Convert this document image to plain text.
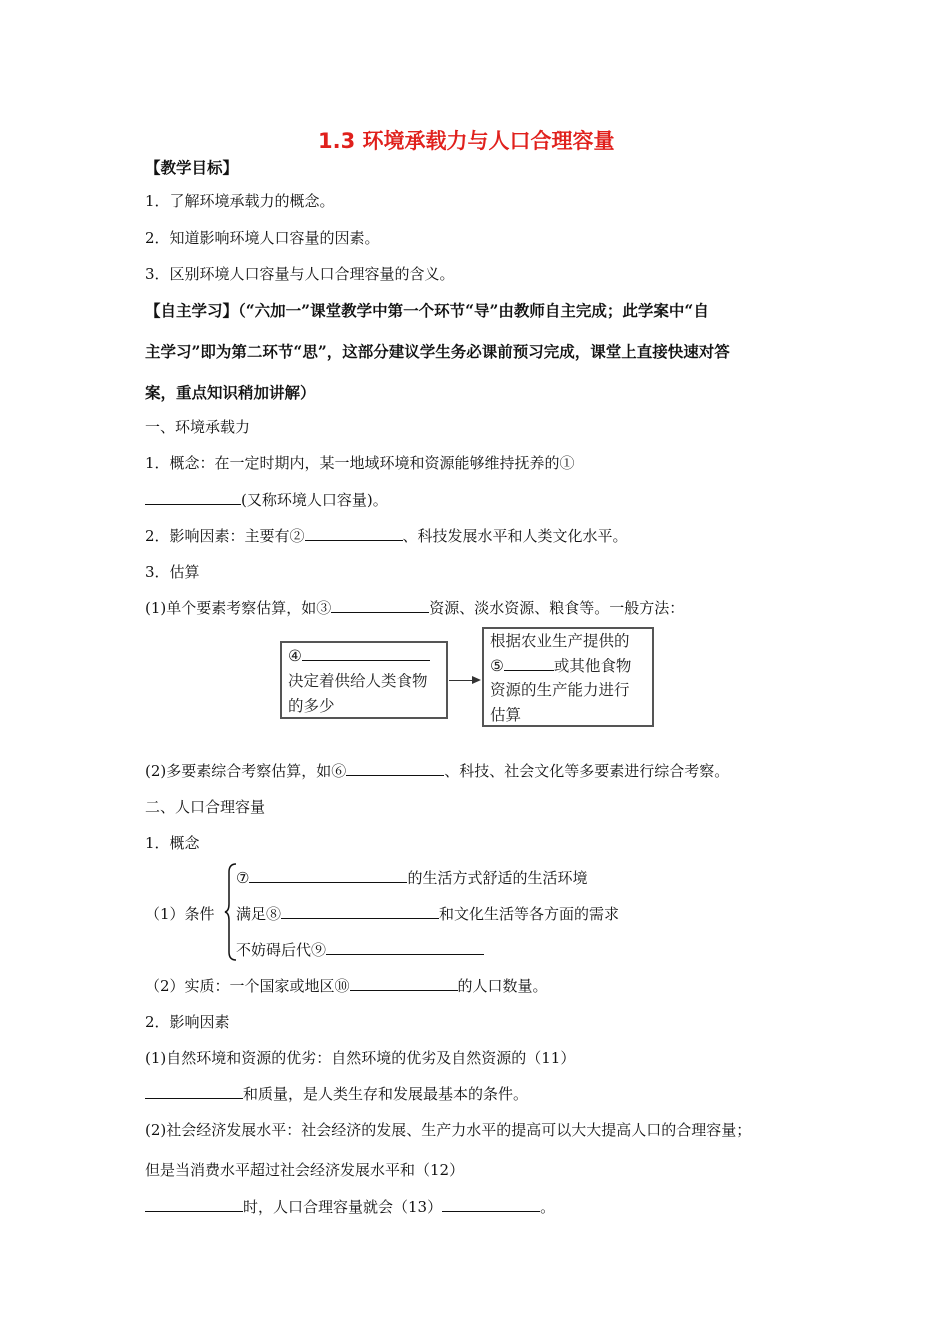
1.3 环境承载力与人口合理容量
【教学目标】
1．了解环境承载力的概念。
2．知道影响环境人口容量的因素。
3．区别环境人口容量与人口合理容量的含义。
【自主学习】（“六加一”课堂教学中第一个环节“导”由教师自主完成；此学案中“自
主学习”即为第二环节“思”，这部分建议学生务必课前预习完成，课堂上直接快速对答
案，重点知识稍加讲解）
一、环境承载力
1．概念：在一定时期内，某一地域环境和资源能够维持抚养的①
(又称环境人口容量)。
2．影响因素：主要有②	、科技发展水平和人类文化水平。
3．估算
(1)单个要素考察估算，如③	资源、淡水资源、粮食等。一般方法：
④
决定着供给人类食物
的多少
根据农业生产提供的
⑤	或其他食物
资源的生产能力进行
估算
(2)多要素综合考察估算，如⑥	、科技、社会文化等多要素进行综合考察。
二、人口合理容量
1．概念
（1）条件
⑦	的生活方式舒适的生活环境
满足⑧	和文化生活等各方面的需求
不妨碍后代⑨
（2）实质：一个国家或地区⑩	的人口数量。
2．影响因素
(1)自然环境和资源的优劣：自然环境的优劣及自然资源的（11）
和质量，是人类生存和发展最基本的条件。
(2)社会经济发展水平：社会经济的发展、生产力水平的提高可以大大提高人口的合理容量；
但是当消费水平超过社会经济发展水平和（12）
时，人口合理容量就会（13）	。
